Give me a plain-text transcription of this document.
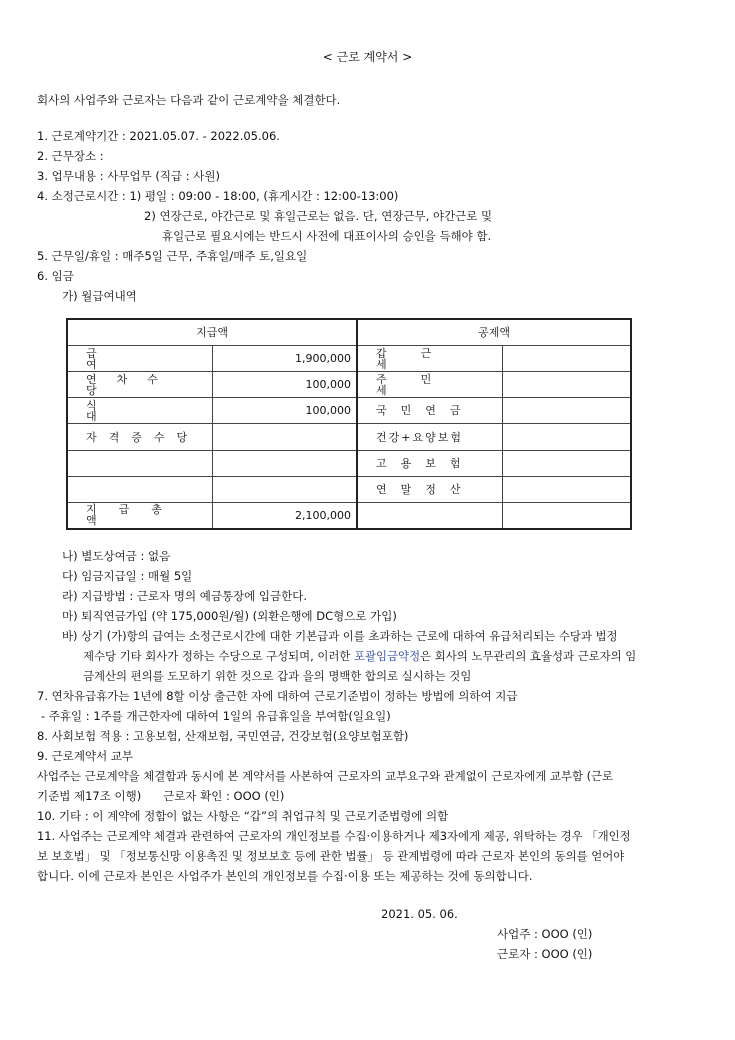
< 근로 계약서 >
회사의 사업주와 근로자는 다음과 같이 근로계약을 체결한다.
1. 근로계약기간 : 2021.05.07. - 2022.05.06.
2. 근무장소 :
3. 업무내용 : 사무업무 (직급 : 사원)
4. 소정근로시간 : 1) 평일 : 09:00 - 18:00, (휴게시간 : 12:00-13:00)
2) 연장근로, 야간근로 및 휴일근로는 없음. 단, 연장근무, 야간근로 및
휴일근로 필요시에는 반드시 사전에 대표이사의 승인을 득해야 함.
5. 근무일/휴일 : 매주5일 근무, 주휴일/매주 토,일요일
6. 임금
가) 월급여내역
지급액		공제액	
급여	1,900,000	갑근세	
연차수당	100,000	주민세	
식대	100,000	국민연금	
자격증수당		건강+요양보험	
		고용보험	
		연말정산	
지급총액	2,100,000		
나) 별도상여금 : 없음
다) 임금지급일 : 매월 5일
라) 지급방법 : 근로자 명의 예금통장에 입금한다.
마) 퇴직연금가입 (약 175,000원/월) (외환은행에 DC형으로 가입)
바) 상기 (가)항의 급여는 소정근로시간에 대한 기본급과 이를 초과하는 근로에 대하여 유급처리되는 수당과 법정
제수당 기타 회사가 정하는 수당으로 구성되며, 이러한 포괄임금약정은 회사의 노무관리의 효율성과 근로자의 임
금계산의 편의를 도모하기 위한 것으로 갑과 을의 명백한 합의로 실시하는 것임
7. 연차유급휴가는 1년에 8할 이상 출근한 자에 대하여 근로기준법이 정하는 방법에 의하여 지급
- 주휴일 : 1주를 개근한자에 대하여 1일의 유급휴일을 부여함(일요일)
8. 사회보험 적용 : 고용보험, 산재보험, 국민연금, 건강보험(요양보험포함)
9. 근로계약서 교부
사업주는 근로계약을 체결함과 동시에 본 계약서를 사본하여 근로자의 교부요구와 관계없이 근로자에게 교부함 (근로
기준법 제17조 이행)      근로자 확인 : OOO (인)
10. 기타 : 이 계약에 정함이 없는 사항은 “갑”의 취업규칙 및 근로기준법령에 의함
11. 사업주는 근로계약 체결과 관련하여 근로자의 개인정보를 수집·이용하거나 제3자에게 제공, 위탁하는 경우 「개인정
보 보호법」 및 「정보통신망 이용촉진 및 정보보호 등에 관한 법률」 등 관계법령에 따라 근로자 본인의 동의를 얻어야
합니다. 이에 근로자 본인은 사업주가 본인의 개인정보를 수집·이용 또는 제공하는 것에 동의합니다.
2021. 05. 06.
사업주 : OOO (인)
근로자 : OOO (인)
